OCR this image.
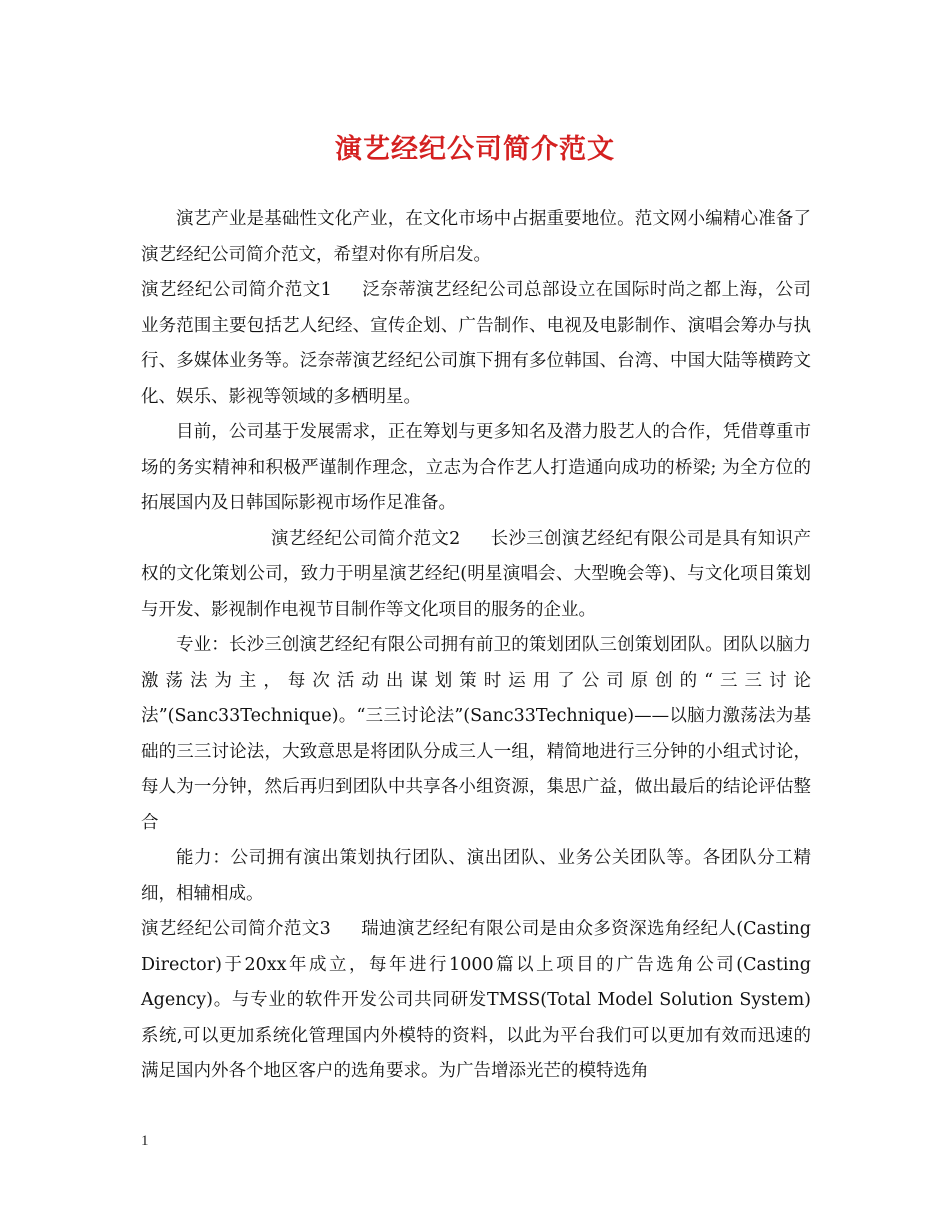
演艺经纪公司简介范文

演艺产业是基础性文化产业，在文化市场中占据重要地位。范文网小编精心准备了演艺经纪公司简介范文，希望对你有所启发。

演艺经纪公司简介范文1 泛奈蒂演艺经纪公司总部设立在国际时尚之都上海，公司业务范围主要包括艺人纪经、宣传企划、广告制作、电视及电影制作、演唱会筹办与执行、多媒体业务等。泛奈蒂演艺经纪公司旗下拥有多位韩国、台湾、中国大陆等横跨文化、娱乐、影视等领域的多栖明星。

目前，公司基于发展需求，正在筹划与更多知名及潜力股艺人的合作，凭借尊重市场的务实精神和积极严谨制作理念，立志为合作艺人打造通向成功的桥梁; 为全方位的拓展国内及日韩国际影视市场作足准备。

演艺经纪公司简介范文2 长沙三创演艺经纪有限公司是具有知识产权的文化策划公司，致力于明星演艺经纪(明星演唱会、大型晚会等)、与文化项目策划与开发、影视制作电视节目制作等文化项目的服务的企业。

专业：长沙三创演艺经纪有限公司拥有前卫的策划团队三创策划团队。团队以脑力激荡法为主，每次活动出谋划策时运用了公司原创的“三三讨论法”(Sanc33Technique)。“三三讨论法”(Sanc33Technique)——以脑力激荡法为基础的三三讨论法，大致意思是将团队分成三人一组，精简地进行三分钟的小组式讨论，每人为一分钟，然后再归到团队中共享各小组资源，集思广益，做出最后的结论评估整合

能力：公司拥有演出策划执行团队、演出团队、业务公关团队等。各团队分工精细，相辅相成。

演艺经纪公司简介范文3 瑞迪演艺经纪有限公司是由众多资深选角经纪人(Casting Director)于20xx年成立，每年进行1000篇以上项目的广告选角公司(Casting Agency)。与专业的软件开发公司共同研发TMSS(Total Model Solution System)系统,可以更加系统化管理国内外模特的资料，以此为平台我们可以更加有效而迅速的满足国内外各个地区客户的选角要求。为广告增添光芒的模特选角

1
